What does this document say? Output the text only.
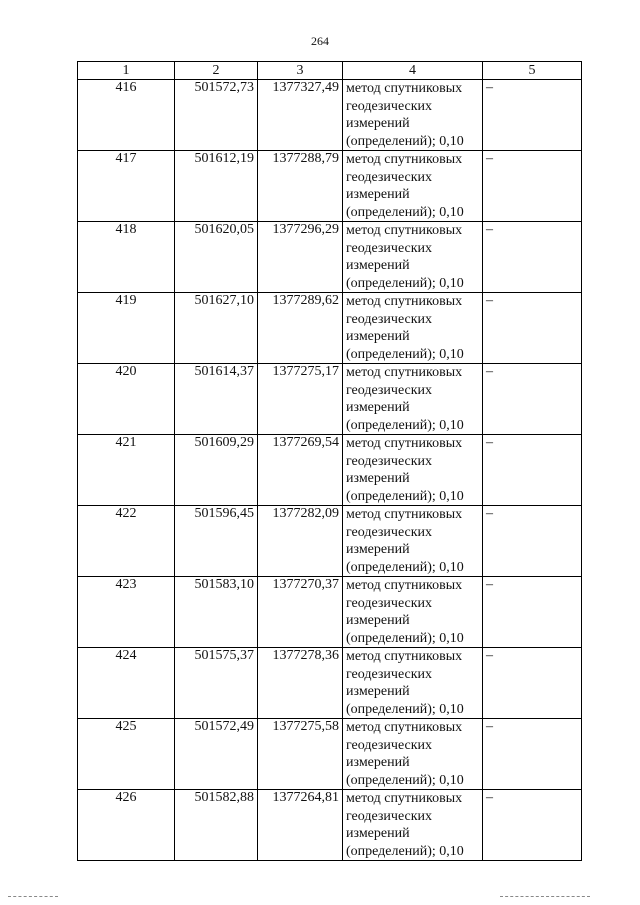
264
1	2	3	4	5
416	501572,73	1377327,49	метод спутниковых геодезических измерений (определений); 0,10	–
417	501612,19	1377288,79	метод спутниковых геодезических измерений (определений); 0,10	–
418	501620,05	1377296,29	метод спутниковых геодезических измерений (определений); 0,10	–
419	501627,10	1377289,62	метод спутниковых геодезических измерений (определений); 0,10	–
420	501614,37	1377275,17	метод спутниковых геодезических измерений (определений); 0,10	–
421	501609,29	1377269,54	метод спутниковых геодезических измерений (определений); 0,10	–
422	501596,45	1377282,09	метод спутниковых геодезических измерений (определений); 0,10	–
423	501583,10	1377270,37	метод спутниковых геодезических измерений (определений); 0,10	–
424	501575,37	1377278,36	метод спутниковых геодезических измерений (определений); 0,10	–
425	501572,49	1377275,58	метод спутниковых геодезических измерений (определений); 0,10	–
426	501582,88	1377264,81	метод спутниковых геодезических измерений (определений); 0,10	–
